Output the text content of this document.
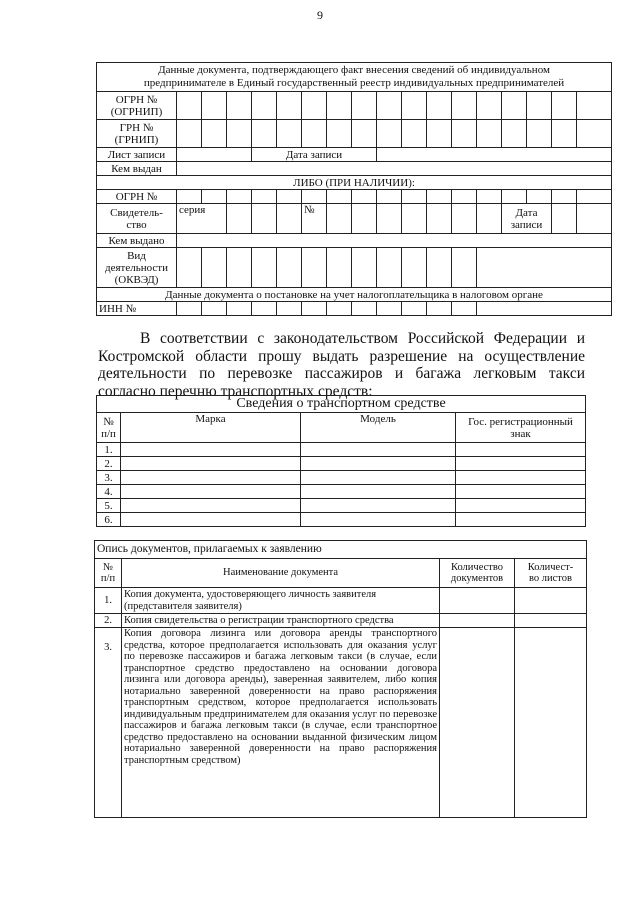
9
Данные документа, подтверждающего факт внесения сведений об индивидуальном
предпринимателе в Единый государственный реестр индивидуальных предпринимателей																	
ОГРН №
(ОГРНИП)																	
ГРН №
(ГРНИП)																	
Лист записи				Дата записи													
Кем выдан																	
ЛИБО (ПРИ НАЛИЧИИ):																	
ОГРН №																	
Свидетель-
ство	серия					№								Дата
записи			
Кем выдано																	
Вид
деятельности
(ОКВЭД)																	
Данные документа о постановке на учет налогоплательщика в налоговом органе																	
ИНН №																	

В соответствии с законодательством Российской Федерации и Костромской области прошу выдать разрешение на осуществление деятельности по перевозке пассажиров и багажа легковым такси согласно перечню транспортных средств:

Сведения о транспортном средстве			
№
п/п	Марка	Модель	Гос. регистрационный
знак
1.			
2.			
3.			
4.			
5.			
6.			
Опись документов, прилагаемых к заявлению			
№
п/п	Наименование документа	Количество
документов	Количест-
во листов
1.	Копия документа, удостоверяющего личность заявителя (представителя заявителя)		
2.	Копия свидетельства о регистрации транспортного средства		
3.	Копия договора лизинга или договора аренды транспортного средства, которое предполагается использовать для оказания услуг по перевозке пассажиров и багажа легковым такси (в случае, если транспортное средство предоставлено на основании договора лизинга или договора аренды), заверенная заявителем, либо копия нотариально заверенной доверенности на право распоряжения транспортным средством, которое предполагается использовать индивидуальным предпринимателем для оказания услуг по перевозке пассажиров и багажа легковым такси (в случае, если транспортное средство предоставлено на основании выданной физическим лицом нотариально заверенной доверенности на право распоряжения транспортным средством)		
